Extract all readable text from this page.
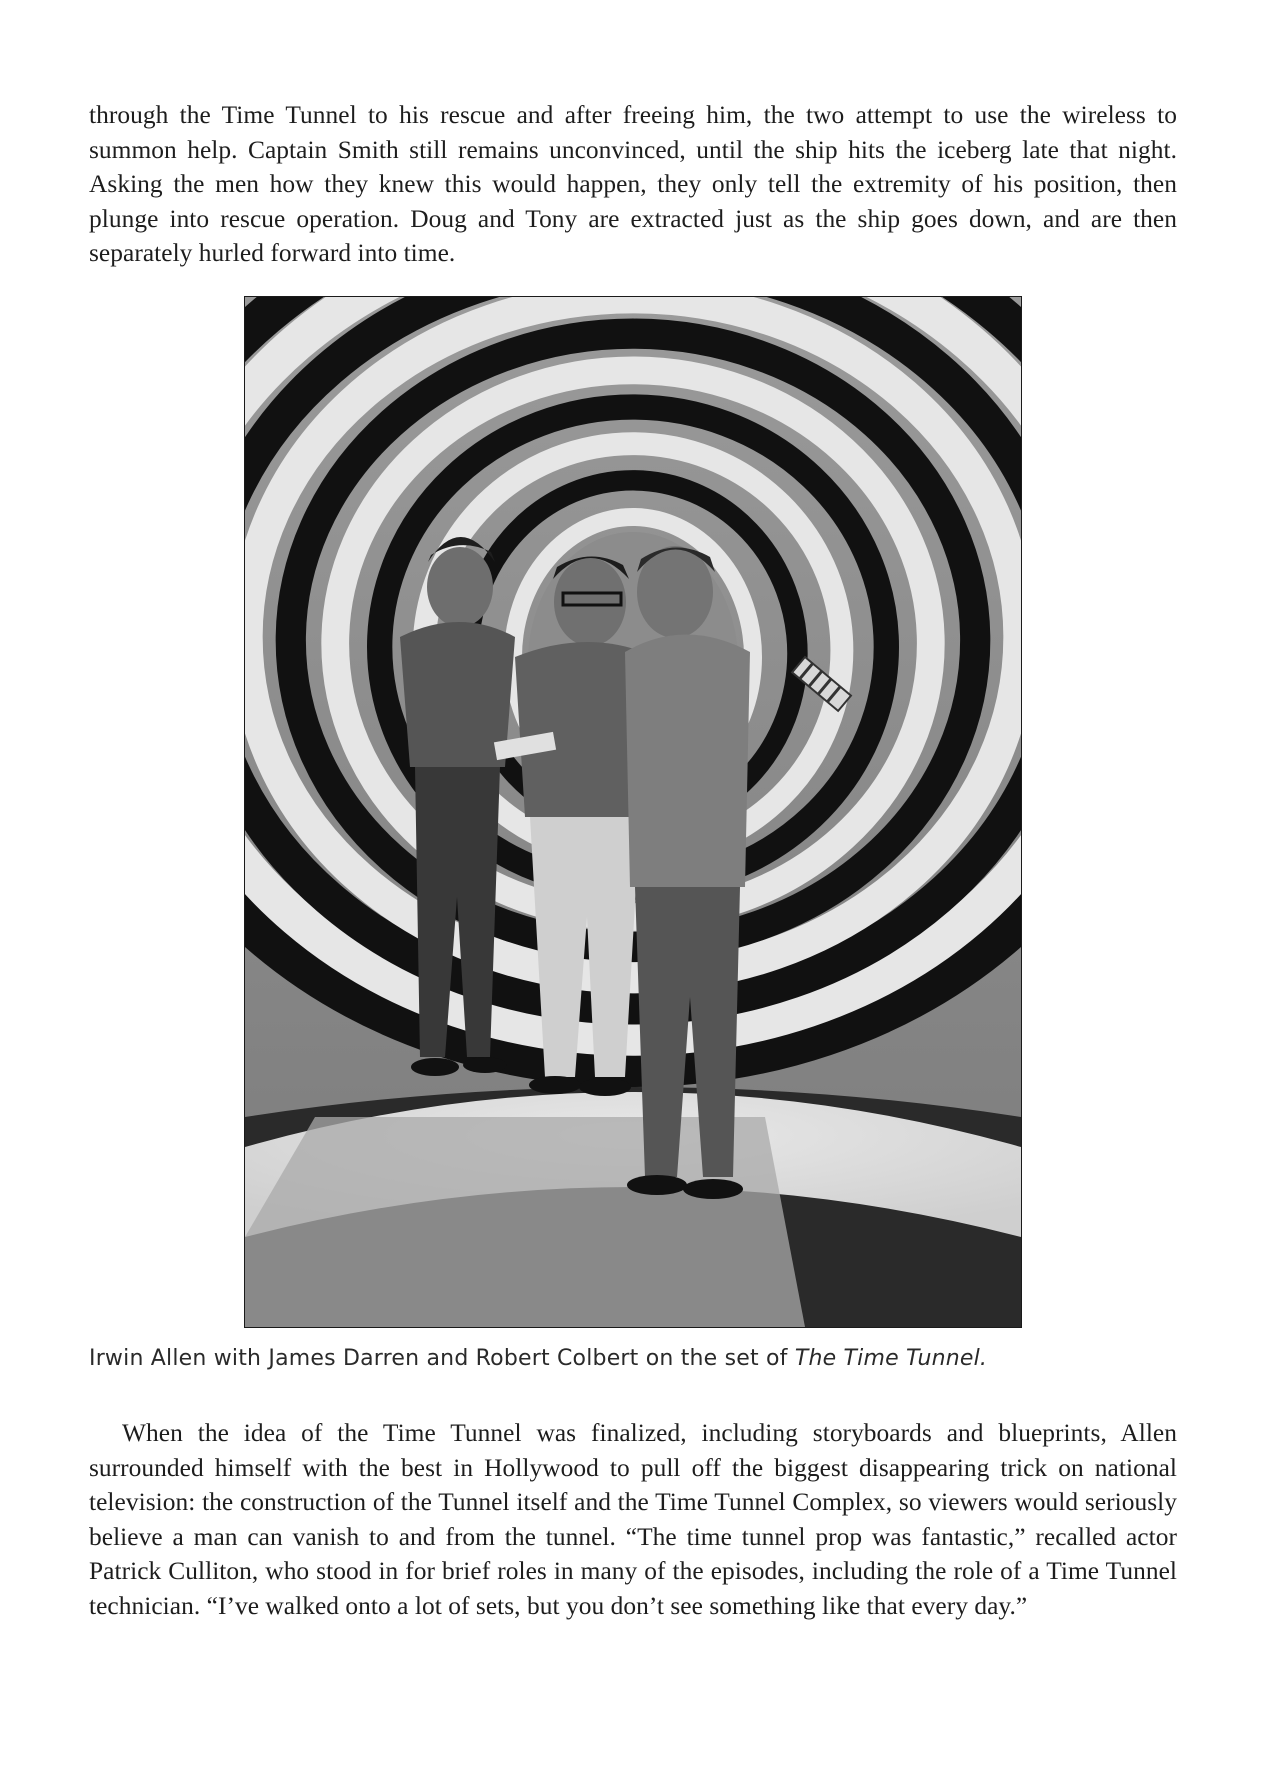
through the Time Tunnel to his rescue and after freeing him, the two attempt to use the wireless to summon help. Captain Smith still remains unconvinced, until the ship hits the iceberg late that night. Asking the men how they knew this would happen, they only tell the extremity of his position, then plunge into rescue operation. Doug and Tony are extracted just as the ship goes down, and are then separately hurled forward into time.

Irwin Allen with James Darren and Robert Colbert on the set of The Time Tunnel.

When the idea of the Time Tunnel was finalized, including storyboards and blueprints, Allen surrounded himself with the best in Hollywood to pull off the biggest disappearing trick on national television: the construction of the Tunnel itself and the Time Tunnel Complex, so viewers would seriously believe a man can vanish to and from the tunnel. “The time tunnel prop was fantastic,” recalled actor Patrick Culliton, who stood in for brief roles in many of the episodes, including the role of a Time Tunnel technician. “I’ve walked onto a lot of sets, but you don’t see something like that every day.”
